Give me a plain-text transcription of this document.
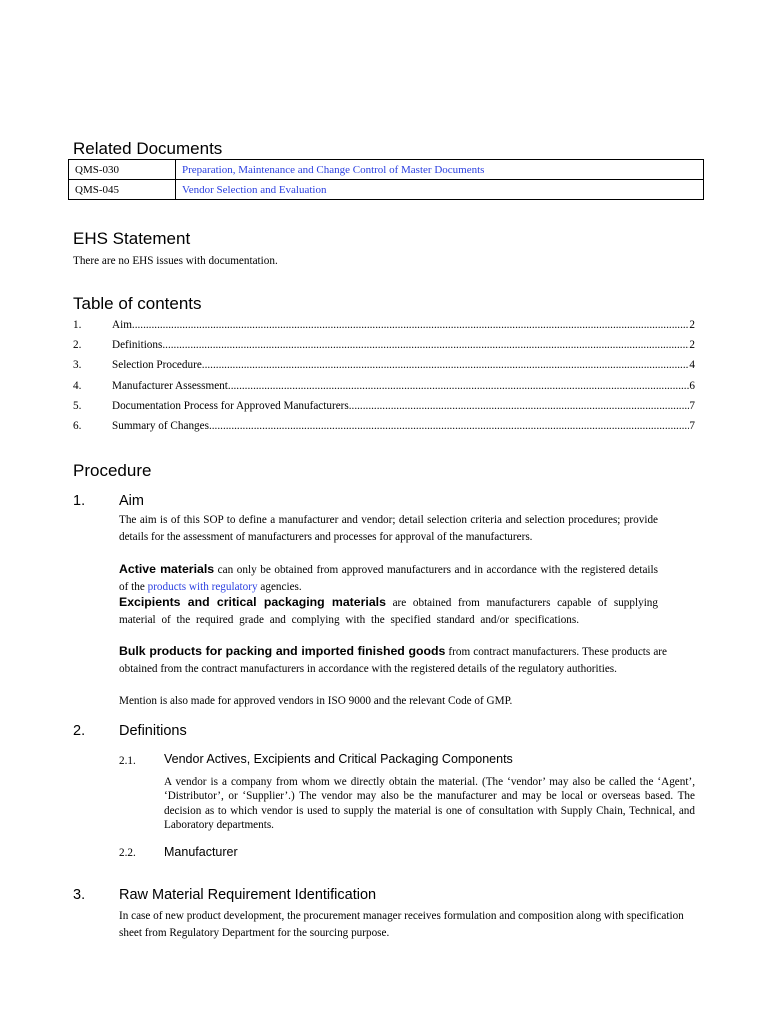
Related Documents
QMS-030	Preparation, Maintenance and Change Control of Master Documents
QMS-045	Vendor Selection and Evaluation
EHS Statement
There are no EHS issues with documentation.
Table of contents
1.	Aim .....	2
2.	Definitions .....	2
3.	Selection Procedure .....	4
4.	Manufacturer Assessment .....	6
5.	Documentation Process for Approved Manufacturers .....	7
6.	Summary of Changes .....	7
Procedure
1. Aim
The aim is of this SOP to define a manufacturer and vendor; detail selection criteria and selection procedures; provide details for the assessment of manufacturers and processes for approval of the manufacturers.
Active materials can only be obtained from approved manufacturers and in accordance with the registered details of the products with regulatory agencies.
Excipients and critical packaging materials are obtained from manufacturers capable of supplying material of the required grade and complying with the specified standard and/or specifications.
Bulk products for packing and imported finished goods from contract manufacturers. These products are obtained from the contract manufacturers in accordance with the registered details of the regulatory authorities.
Mention is also made for approved vendors in ISO 9000 and the relevant Code of GMP.
2. Definitions
2.1. Vendor Actives, Excipients and Critical Packaging Components
A vendor is a company from whom we directly obtain the material. (The ‘vendor’ may also be called the ‘Agent’, ‘Distributor’, or ‘Supplier’.) The vendor may also be the manufacturer and may be local or overseas based. The decision as to which vendor is used to supply the material is one of consultation with Supply Chain, Technical, and Laboratory departments.
2.2. Manufacturer
3. Raw Material Requirement Identification
In case of new product development, the procurement manager receives formulation and composition along with specification sheet from Regulatory Department for the sourcing purpose.
